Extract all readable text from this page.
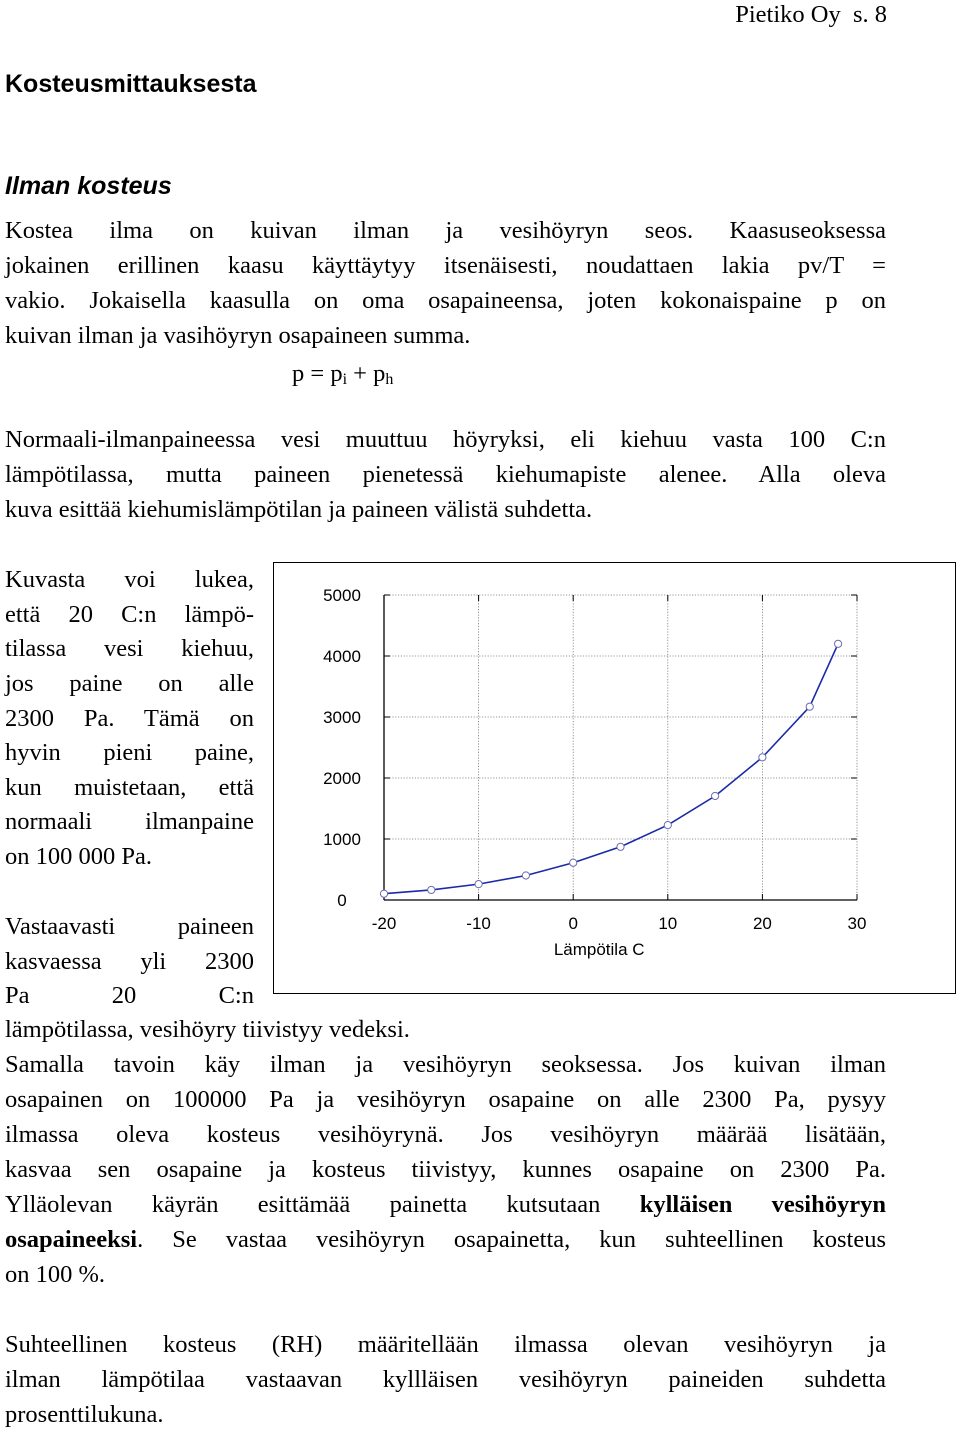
Pietiko Oy s. 8
Kosteusmittauksesta
Ilman kosteus
Kostea ilma on kuivan ilman ja vesihöyryn seos. Kaasuseoksessa
jokainen erillinen kaasu käyttäytyy itsenäisesti, noudattaen lakia pv/T =
vakio. Jokaisella kaasulla on oma osapaineensa, joten kokonaispaine p on
kuivan ilman ja vasihöyryn osapaineen summa.
$p = p_i + p_h$
Normaali-ilmanpaineessa vesi muuttuu höyryksi, eli kiehuu vasta 100 C:n
lämpötilassa, mutta paineen pienetessä kiehumapiste alenee. Alla oleva
kuva esittää kiehumislämpötilan ja paineen välistä suhdetta.
Kuvasta voi lukea,
että 20 C:n lämpö-
tilassa vesi kiehuu,
jos paine on alle
2300 Pa. Tämä on
hyvin pieni paine,
kun muistetaan, että
normaali ilmanpaine
on 100 000 Pa.
Vastaavasti paineen
kasvaessa yli 2300
Pa 20 C:n
lämpötilassa, vesihöyry tiivistyy vedeksi.
0
1000
2000
3000
4000
5000
-20	-10	0	10	20	30
Lämpötila C
Samalla tavoin käy ilman ja vesihöyryn seoksessa. Jos kuivan ilman
osapainen on 100000 Pa ja vesihöyryn osapaine on alle 2300 Pa, pysyy
ilmassa oleva kosteus vesihöyrynä. Jos vesihöyryn määrää lisätään,
kasvaa sen osapaine ja kosteus tiivistyy, kunnes osapaine on 2300 Pa.
Ylläolevan käyrän esittämää painetta kutsutaan kylläisen vesihöyryn
osapaineeksi. Se vastaa vesihöyryn osapainetta, kun suhteellinen kosteus
on 100 %.
Suhteellinen kosteus (RH) määritellään ilmassa olevan vesihöyryn ja
ilman lämpötilaa vastaavan kyllläisen vesihöyryn paineiden suhdetta
prosenttilukuna.
